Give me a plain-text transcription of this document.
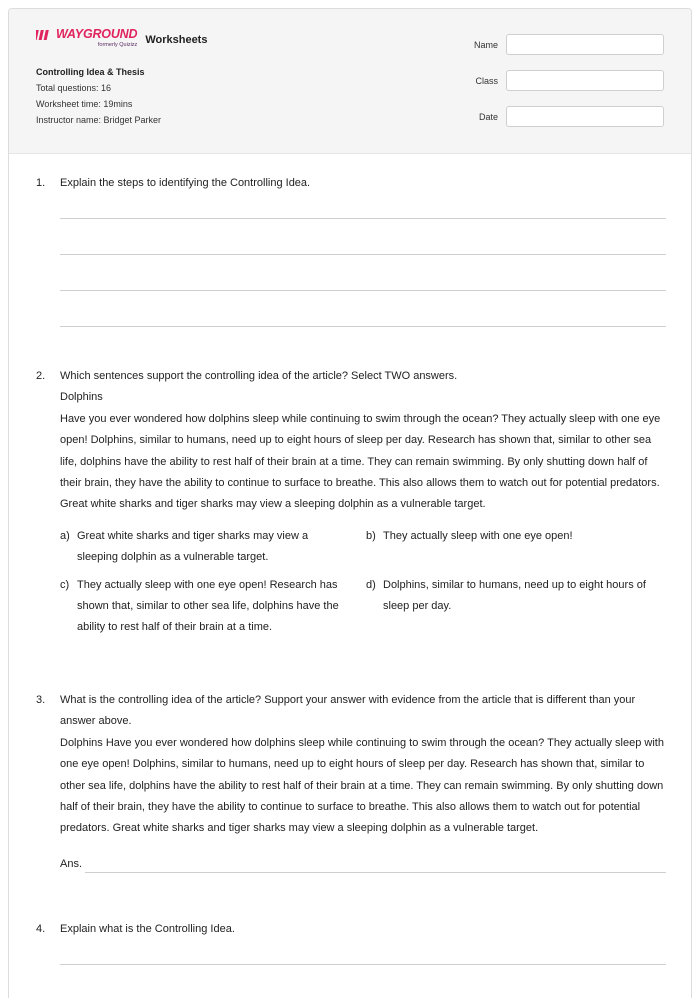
WAYGROUND
formerly Quizizz Worksheets
Controlling Idea & Thesis
Total questions: 16
Worksheet time: 19mins
Instructor name: Bridget Parker
Name
Class
Date
1. Explain the steps to identifying the Controlling Idea.
2. Which sentences support the controlling idea of the article? Select TWO answers.
Dolphins
Have you ever wondered how dolphins sleep while continuing to swim through the ocean? They actually sleep with one eye open! Dolphins, similar to humans, need up to eight hours of sleep per day. Research has shown that, similar to other sea life, dolphins have the ability to rest half of their brain at a time. They can remain swimming. By only shutting down half of their brain, they have the ability to continue to surface to breathe. This also allows them to watch out for potential predators. Great white sharks and tiger sharks may view a sleeping dolphin as a vulnerable target.
a) Great white sharks and tiger sharks may view a sleeping dolphin as a vulnerable target.
b) They actually sleep with one eye open!
c) They actually sleep with one eye open! Research has shown that, similar to other sea life, dolphins have the ability to rest half of their brain at a time.
d) Dolphins, similar to humans, need up to eight hours of sleep per day.
3. What is the controlling idea of the article? Support your answer with evidence from the article that is different than your answer above.
Dolphins Have you ever wondered how dolphins sleep while continuing to swim through the ocean? They actually sleep with one eye open! Dolphins, similar to humans, need up to eight hours of sleep per day. Research has shown that, similar to other sea life, dolphins have the ability to rest half of their brain at a time. They can remain swimming. By only shutting down half of their brain, they have the ability to continue to surface to breathe. This also allows them to watch out for potential predators. Great white sharks and tiger sharks may view a sleeping dolphin as a vulnerable target.
Ans.
4. Explain what is the Controlling Idea.
